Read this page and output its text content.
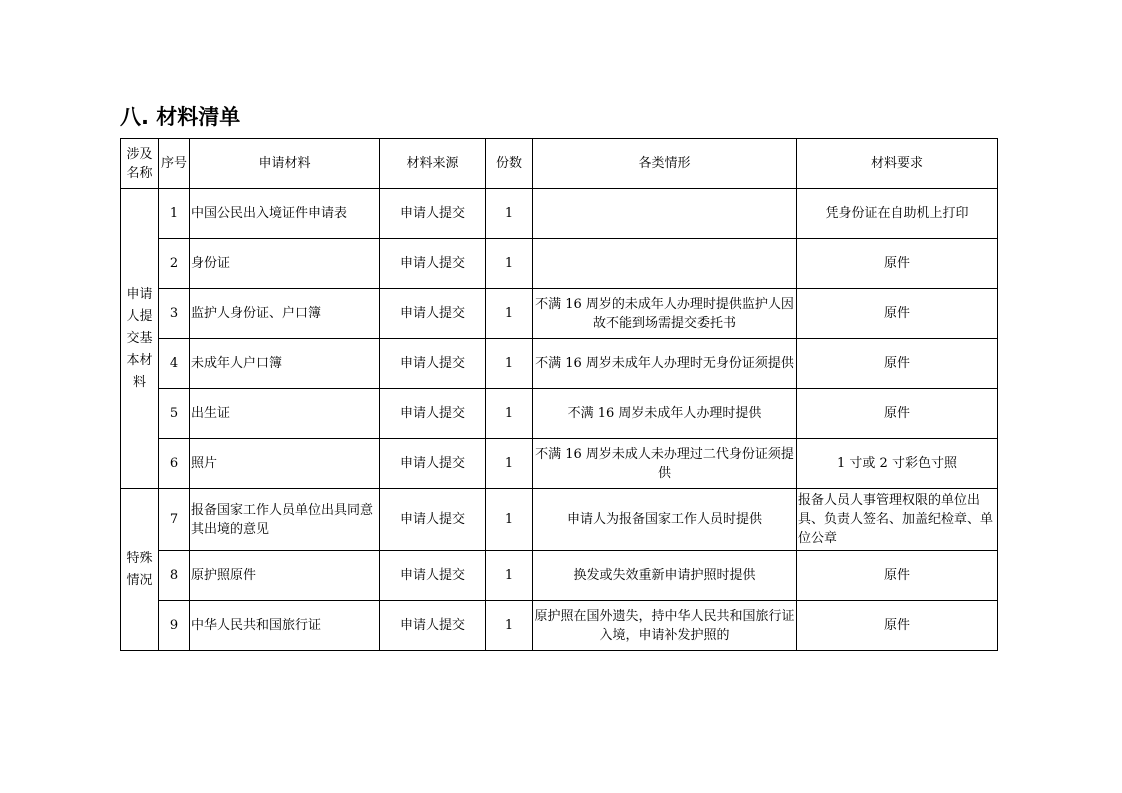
八. 材料清单
涉及名称	序号	申请材料	材料来源	份数	各类情形	材料要求
申请人提交基本材料	1	中国公民出入境证件申请表	申请人提交	1		凭身份证在自助机上打印
	2	身份证	申请人提交	1		原件
	3	监护人身份证、户口簿	申请人提交	1	不满 16 周岁的未成年人办理时提供监护人因故不能到场需提交委托书	原件
	4	未成年人户口簿	申请人提交	1	不满 16 周岁未成年人办理时无身份证须提供	原件
	5	出生证	申请人提交	1	不满 16 周岁未成年人办理时提供	原件
	6	照片	申请人提交	1	不满 16 周岁未成人未办理过二代身份证须提供	1 寸或 2 寸彩色寸照
特殊情况	7	报备国家工作人员单位出具同意其出境的意见	申请人提交	1	申请人为报备国家工作人员时提供	报备人员人事管理权限的单位出具、负责人签名、加盖纪检章、单位公章
	8	原护照原件	申请人提交	1	换发或失效重新申请护照时提供	原件
	9	中华人民共和国旅行证	申请人提交	1	原护照在国外遗失，持中华人民共和国旅行证入境，申请补发护照的	原件
